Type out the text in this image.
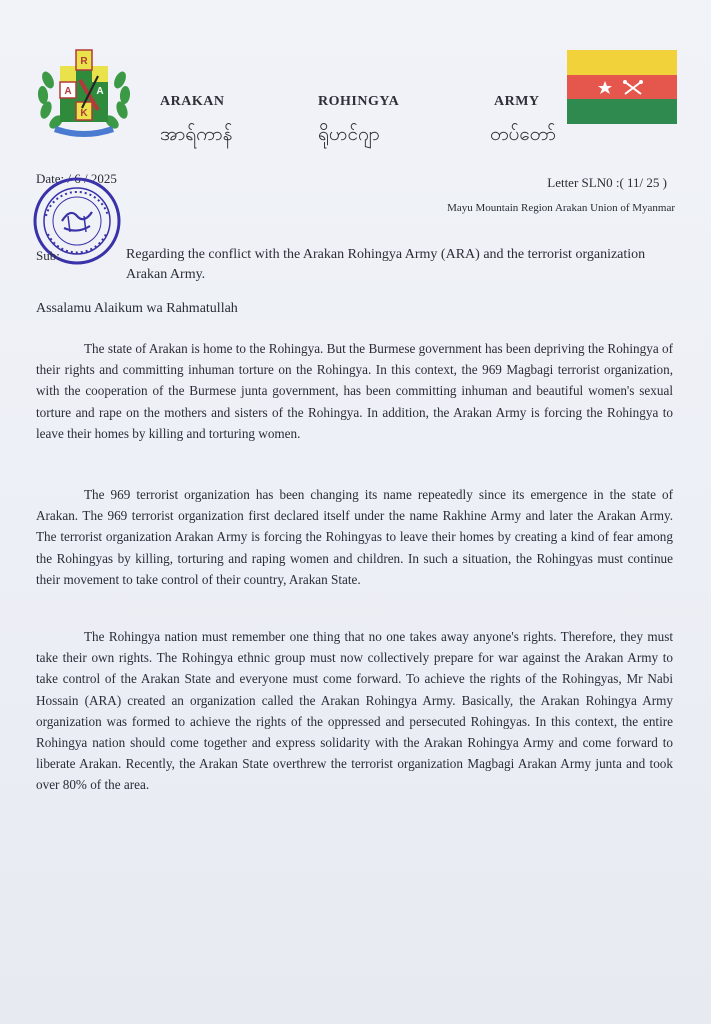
R
A A
K
ARAKAN	ROHINGYA	ARMY
အာရ်ကာန်	ရိုဟင်ဂျာ	တပ်တော်
Date: / 6 / 2025	Letter SLN0 :( 11/ 25 )
Mayu Mountain Region Arakan Union of Myanmar
Sub:	Regarding the conflict with the Arakan Rohingya Army (ARA) and the terrorist organization Arakan Army.
Assalamu Alaikum wa Rahmatullah

The state of Arakan is home to the Rohingya. But the Burmese government has been depriving the Rohingya of their rights and committing inhuman torture on the Rohingya. In this context, the 969 Magbagi terrorist organization, with the cooperation of the Burmese junta government, has been committing inhuman and beautiful women's sexual torture and rape on the mothers and sisters of the Rohingya. In addition, the Arakan Army is forcing the Rohingya to leave their homes by killing and torturing women.

The 969 terrorist organization has been changing its name repeatedly since its emergence in the state of Arakan. The 969 terrorist organization first declared itself under the name Rakhine Army and later the Arakan Army. The terrorist organization Arakan Army is forcing the Rohingyas to leave their homes by creating a kind of fear among the Rohingyas by killing, torturing and raping women and children. In such a situation, the Rohingyas must continue their movement to take control of their country, Arakan State.

The Rohingya nation must remember one thing that no one takes away anyone's rights. Therefore, they must take their own rights. The Rohingya ethnic group must now collectively prepare for war against the Arakan Army to take control of the Arakan State and everyone must come forward. To achieve the rights of the Rohingyas, Mr Nabi Hossain (ARA) created an organization called the Arakan Rohingya Army. Basically, the Arakan Rohingya Army organization was formed to achieve the rights of the oppressed and persecuted Rohingyas. In this context, the entire Rohingya nation should come together and express solidarity with the Arakan Rohingya Army and come forward to liberate Arakan. Recently, the Arakan State overthrew the terrorist organization Magbagi Arakan Army junta and took over 80% of the area.
